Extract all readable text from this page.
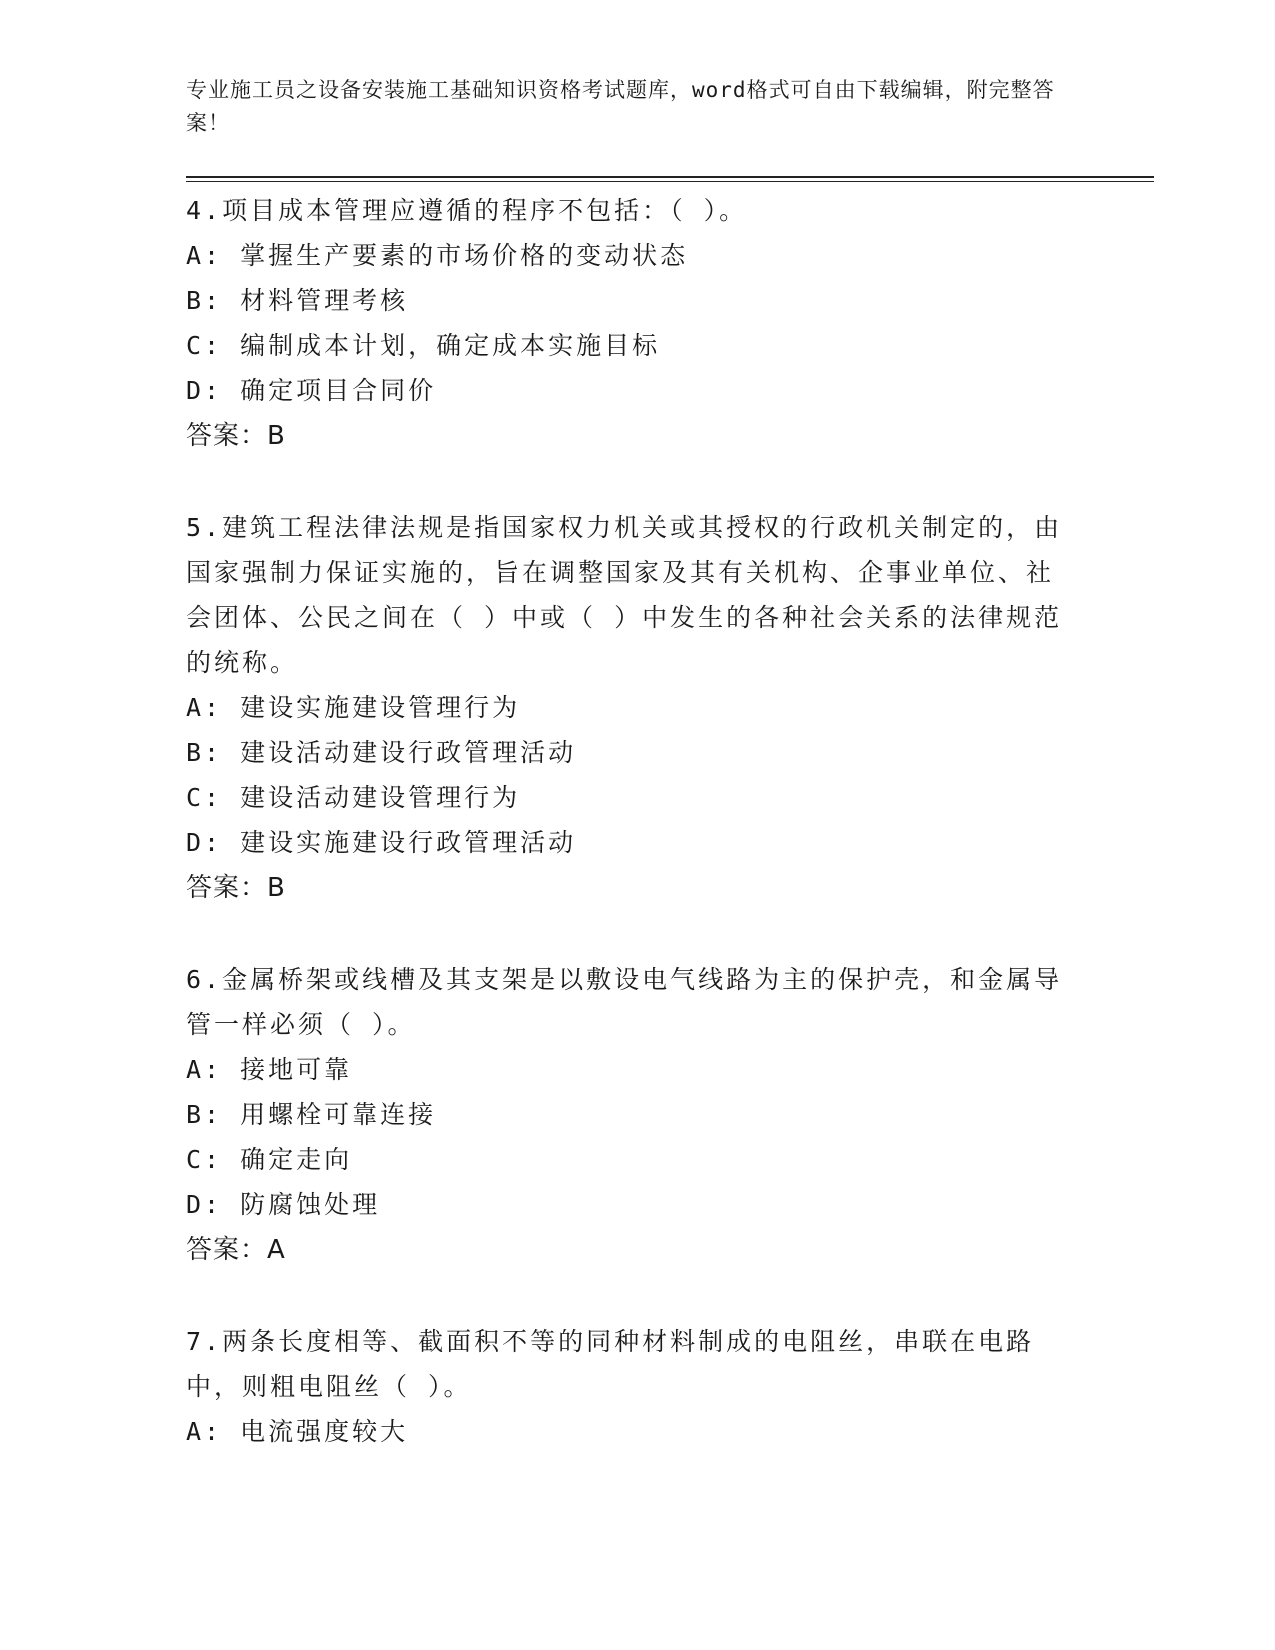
专业施工员之设备安装施工基础知识资格考试题库，word格式可自由下载编辑，附完整答案！
4.项目成本管理应遵循的程序不包括：（ ）。
A: 掌握生产要素的市场价格的变动状态
B: 材料管理考核
C: 编制成本计划，确定成本实施目标
D: 确定项目合同价
答案：B
5.建筑工程法律法规是指国家权力机关或其授权的行政机关制定的，由国家强制力保证实施的，旨在调整国家及其有关机构、企事业单位、社会团体、公民之间在（ ）中或（ ）中发生的各种社会关系的法律规范的统称。
A: 建设实施建设管理行为
B: 建设活动建设行政管理活动
C: 建设活动建设管理行为
D: 建设实施建设行政管理活动
答案：B
6.金属桥架或线槽及其支架是以敷设电气线路为主的保护壳，和金属导管一样必须（ ）。
A: 接地可靠
B: 用螺栓可靠连接
C: 确定走向
D: 防腐蚀处理
答案：A
7.两条长度相等、截面积不等的同种材料制成的电阻丝，串联在电路中，则粗电阻丝（ ）。
A: 电流强度较大
